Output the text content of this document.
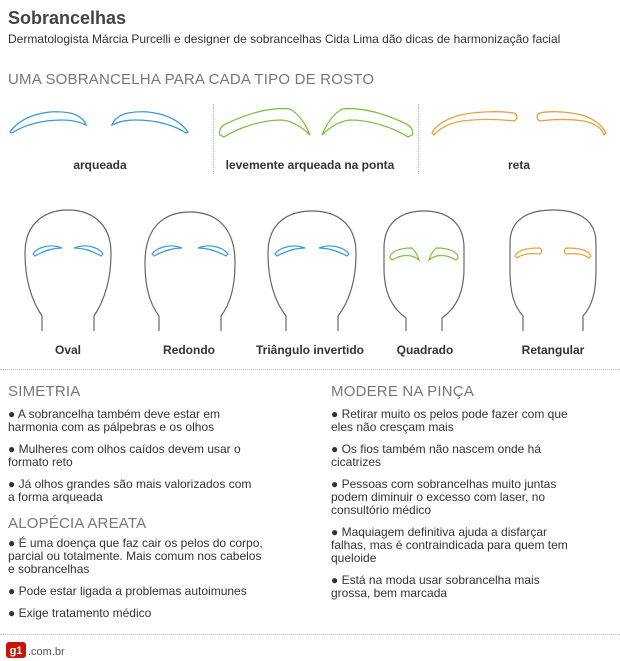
Sobrancelhas
Dermatologista Márcia Purcelli e designer de sobrancelhas Cida Lima dão dicas de harmonização facial
UMA SOBRANCELHA PARA CADA TIPO DE ROSTO
arqueada	levemente arqueada na ponta	reta
Oval	Redondo	Triângulo invertido	Quadrado	Retangular
SIMETRIA
● A sobrancelha também deve estar em harmonia com as pálpebras e os olhos
● Mulheres com olhos caídos devem usar o formato reto
● Já olhos grandes são mais valorizados com a forma arqueada
ALOPÉCIA AREATA
● É uma doença que faz cair os pelos do corpo, parcial ou totalmente. Mais comum nos cabelos e sobrancelhas
● Pode estar ligada a problemas autoimunes
● Exige tratamento médico
MODERE NA PINÇA
● Retirar muito os pelos pode fazer com que eles não cresçam mais
● Os fios também não nascem onde há cicatrizes
● Pessoas com sobrancelhas muito juntas podem diminuir o excesso com laser, no consultório médico
● Maquiagem definitiva ajuda a disfarçar falhas, mas é contraindicada para quem tem queloide
● Está na moda usar sobrancelha mais grossa, bem marcada
g1 .com.br
